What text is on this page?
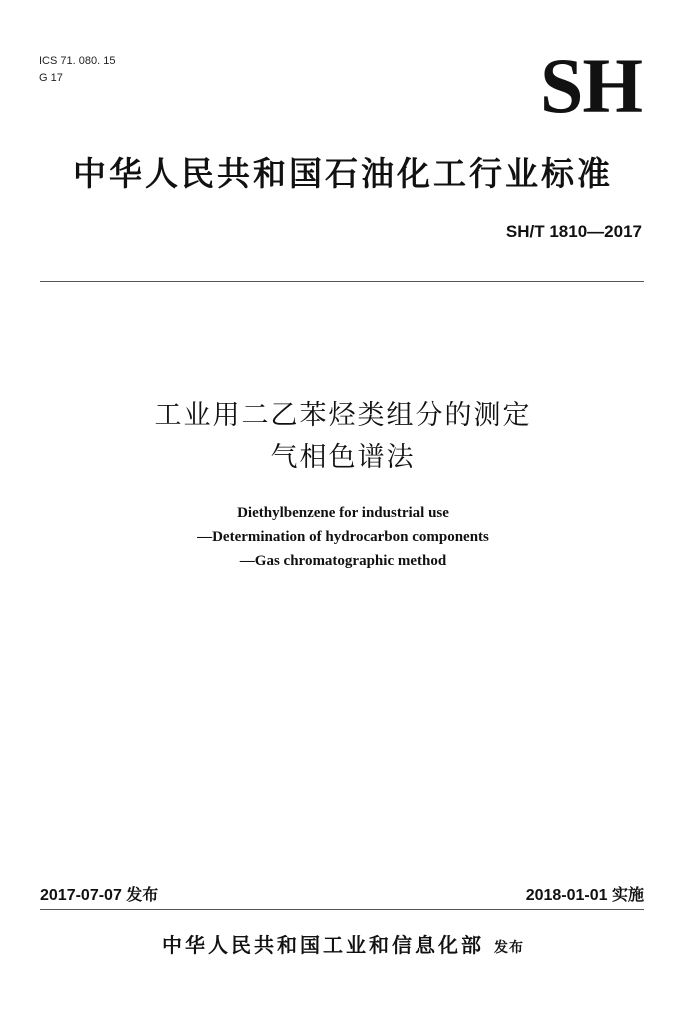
ICS 71. 080. 15
G 17	SH
中华人民共和国石油化工行业标准
SH/T 1810—2017
工业用二乙苯烃类组分的测定
气相色谱法
Diethylbenzene for industrial use
—Determination of hydrocarbon components
—Gas chromatographic method
2017-07-07 发布	2018-01-01 实施
中华人民共和国工业和信息化部 发布
